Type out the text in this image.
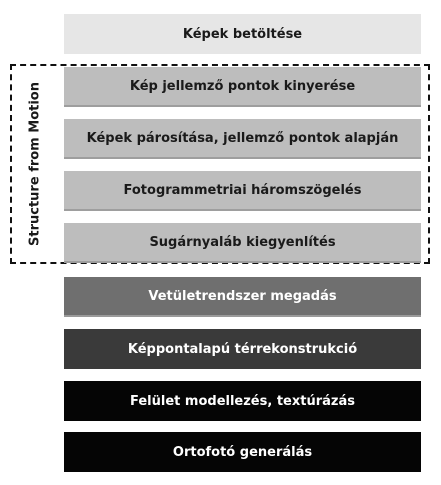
Structure from Motion
Képek betöltése
Kép jellemző pontok kinyerése
Képek párosítása, jellemző pontok alapján
Fotogrammetriai háromszögelés
Sugárnyaláb kiegyenlítés
Vetületrendszer megadás
Képpontalapú térrekonstrukció
Felület modellezés, textúrázás
Ortofotó generálás
